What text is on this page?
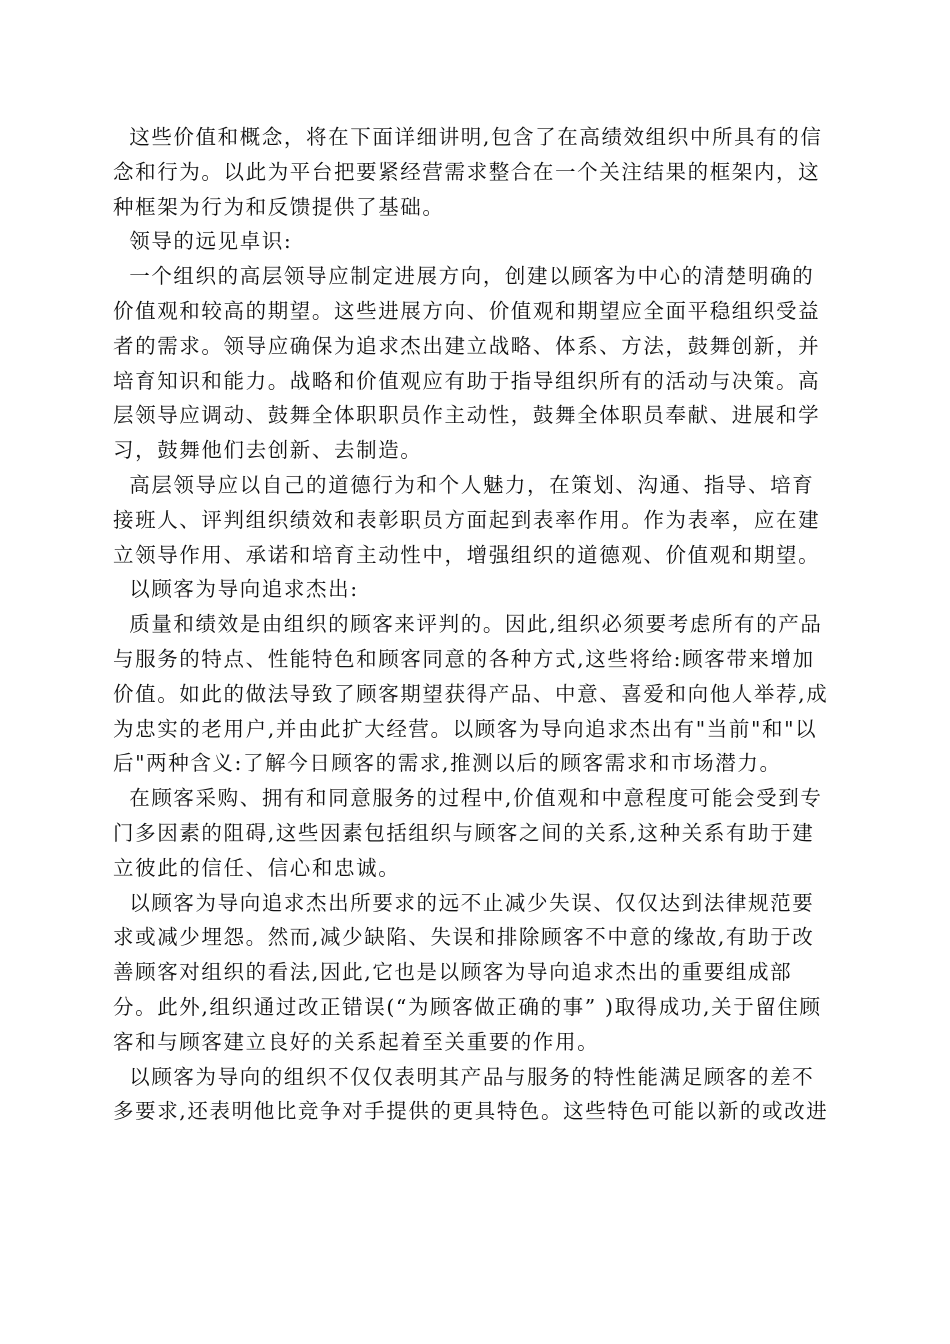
这些价值和概念，将在下面详细讲明,包含了在高绩效组织中所具有的信
念和行为。以此为平台把要紧经营需求整合在一个关注结果的框架内，这
种框架为行为和反馈提供了基础。
领导的远见卓识:
一个组织的高层领导应制定进展方向，创建以顾客为中心的清楚明确的
价值观和较高的期望。这些进展方向、价值观和期望应全面平稳组织受益
者的需求。领导应确保为追求杰出建立战略、体系、方法，鼓舞创新，并
培育知识和能力。战略和价值观应有助于指导组织所有的活动与决策。高
层领导应调动、鼓舞全体职职员作主动性，鼓舞全体职员奉献、进展和学
习，鼓舞他们去创新、去制造。
高层领导应以自己的道德行为和个人魅力，在策划、沟通、指导、培育
接班人、评判组织绩效和表彰职员方面起到表率作用。作为表率，应在建
立领导作用、承诺和培育主动性中，增强组织的道德观、价值观和期望。
以顾客为导向追求杰出:
质量和绩效是由组织的顾客来评判的。因此,组织必须要考虑所有的产品
与服务的特点、性能特色和顾客同意的各种方式,这些将给:顾客带来增加
价值。如此的做法导致了顾客期望获得产品、中意、喜爱和向他人举荐,成
为忠实的老用户,并由此扩大经营。以顾客为导向追求杰出有"当前"和"以
后"两种含义:了解今日顾客的需求,推测以后的顾客需求和市场潜力。
在顾客采购、拥有和同意服务的过程中,价值观和中意程度可能会受到专
门多因素的阻碍,这些因素包括组织与顾客之间的关系,这种关系有助于建
立彼此的信任、信心和忠诚。
以顾客为导向追求杰出所要求的远不止减少失误、仅仅达到法律规范要
求或减少埋怨。然而,减少缺陷、失误和排除顾客不中意的缘故,有助于改
善顾客对组织的看法,因此,它也是以顾客为导向追求杰出的重要组成部
分。此外,组织通过改正错误(“为顾客做正确的事” )取得成功,关于留住顾
客和与顾客建立良好的关系起着至关重要的作用。
以顾客为导向的组织不仅仅表明其产品与服务的特性能满足顾客的差不
多要求,还表明他比竞争对手提供的更具特色。这些特色可能以新的或改进
